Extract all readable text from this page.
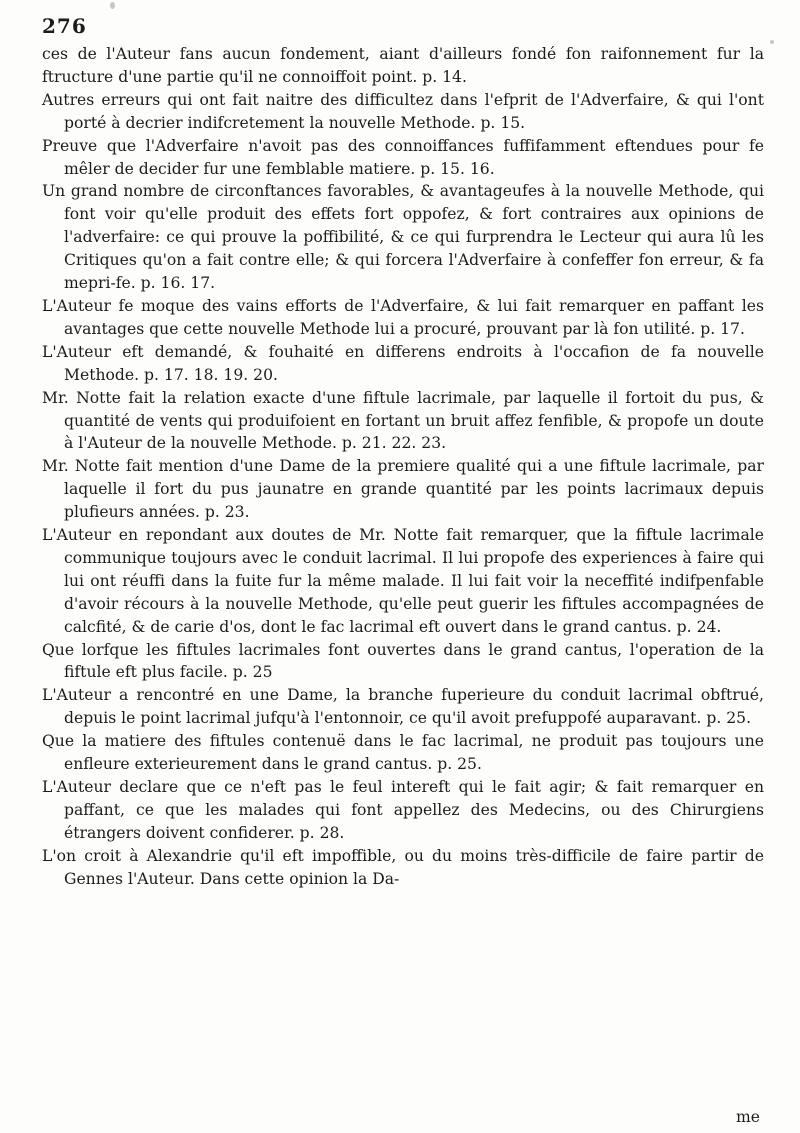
276

ces de l'Auteur fans aucun fondement, aiant d'ailleurs fondé fon raifonnement fur la ftructure d'une partie qu'il ne connoiffoit point. p. 14.

Autres erreurs qui ont fait naitre des difficultez dans l'efprit de l'Adverfaire, & qui l'ont porté à decrier indifcretement la nouvelle Methode. p. 15.

Preuve que l'Adverfaire n'avoit pas des connoiffances fuffifamment eftendues pour fe mêler de decider fur une femblable matiere. p. 15. 16.

Un grand nombre de circonftances favorables, & avantageufes à la nouvelle Methode, qui font voir qu'elle produit des effets fort oppofez, & fort contraires aux opinions de l'adverfaire: ce qui prouve la poffibilité, & ce qui furprendra le Lecteur qui aura lû les Critiques qu'on a fait contre elle; & qui forcera l'Adverfaire à confeffer fon erreur, & fa mepri-fe. p. 16. 17.

L'Auteur fe moque des vains efforts de l'Adverfaire, & lui fait remarquer en paffant les avantages que cette nouvelle Methode lui a procuré, prouvant par là fon utilité. p. 17.

L'Auteur eft demandé, & fouhaité en differens endroits à l'occafion de fa nouvelle Methode. p. 17. 18. 19. 20.

Mr. Notte fait la relation exacte d'une fiftule lacrimale, par laquelle il fortoit du pus, & quantité de vents qui produifoient en fortant un bruit affez fenfible, & propofe un doute à l'Auteur de la nouvelle Methode. p. 21. 22. 23.

Mr. Notte fait mention d'une Dame de la premiere qualité qui a une fiftule lacrimale, par laquelle il fort du pus jaunatre en grande quantité par les points lacrimaux depuis plufieurs années. p. 23.

L'Auteur en repondant aux doutes de Mr. Notte fait remarquer, que la fiftule lacrimale communique toujours avec le conduit lacrimal. Il lui propofe des experiences à faire qui lui ont réuffi dans la fuite fur la même malade. Il lui fait voir la neceffité indifpenfable d'avoir récours à la nouvelle Methode, qu'elle peut guerir les fiftules accompagnées de calcfité, & de carie d'os, dont le fac lacrimal eft ouvert dans le grand cantus. p. 24.

Que lorfque les fiftules lacrimales font ouvertes dans le grand cantus, l'operation de la fiftule eft plus facile. p. 25

L'Auteur a rencontré en une Dame, la branche fuperieure du conduit lacrimal obftrué, depuis le point lacrimal jufqu'à l'entonnoir, ce qu'il avoit prefuppofé auparavant. p. 25.

Que la matiere des fiftules contenuë dans le fac lacrimal, ne produit pas toujours une enfleure exterieurement dans le grand cantus. p. 25.

L'Auteur declare que ce n'eft pas le feul intereft qui le fait agir; & fait remarquer en paffant, ce que les malades qui font appellez des Medecins, ou des Chirurgiens étrangers doivent confiderer. p. 28.

L'on croit à Alexandrie qu'il eft impoffible, ou du moins très-difficile de faire partir de Gennes l'Auteur. Dans cette opinion la Da-

me
